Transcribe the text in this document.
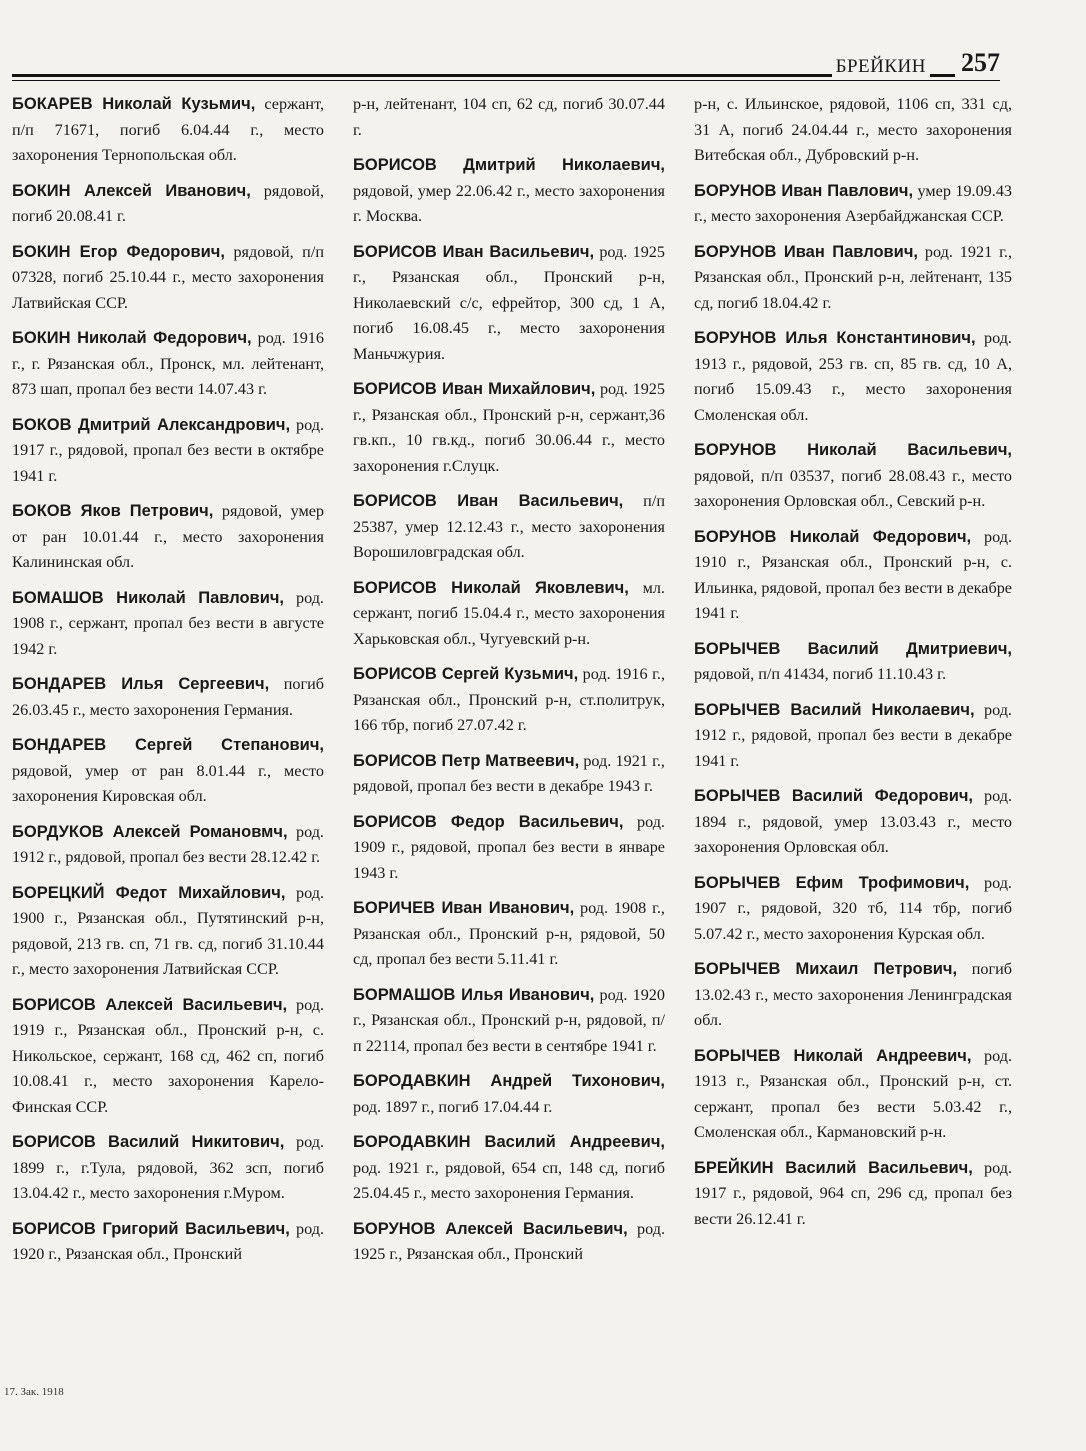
БРЕЙКИН 257

БОКАРЕВ Николай Кузьмич, сержант, п/п 71671, погиб 6.04.44 г., место захоронения Тернопольская обл.

БОКИН Алексей Иванович, рядовой, погиб 20.08.41 г.

БОКИН Егор Федорович, рядовой, п/п 07328, погиб 25.10.44 г., место захоронения Латвийская ССР.

БОКИН Николай Федорович, род. 1916 г., г. Рязанская обл., Пронск, мл. лейтенант, 873 шап, пропал без вести 14.07.43 г.

БОКОВ Дмитрий Александрович, род. 1917 г., рядовой, пропал без вести в октябре 1941 г.

БОКОВ Яков Петрович, рядовой, умер от ран 10.01.44 г., место захоронения Калининская обл.

БОМАШОВ Николай Павлович, род. 1908 г., сержант, пропал без вести в августе 1942 г.

БОНДАРЕВ Илья Сергеевич, погиб 26.03.45 г., место захоронения Германия.

БОНДАРЕВ Сергей Степанович, рядовой, умер от ран 8.01.44 г., место захоронения Кировская обл.

БОРДУКОВ Алексей Романовмч, род. 1912 г., рядовой, пропал без вести 28.12.42 г.

БОРЕЦКИЙ Федот Михайлович, род. 1900 г., Рязанская обл., Путятинский р-н, рядовой, 213 гв. сп, 71 гв. сд, погиб 31.10.44 г., место захоронения Латвийская ССР.

БОРИСОВ Алексей Васильевич, род. 1919 г., Рязанская обл., Пронский р-н, с. Никольское, сержант, 168 сд, 462 сп, погиб 10.08.41 г., место захоронения Карело-Финская ССР.

БОРИСОВ Василий Никитович, род. 1899 г., г.Тула, рядовой, 362 зсп, погиб 13.04.42 г., место захоронения г.Муром.

БОРИСОВ Григорий Васильевич, род. 1920 г., Рязанская обл., Пронский

р-н, лейтенант, 104 сп, 62 сд, погиб 30.07.44 г.

БОРИСОВ Дмитрий Николаевич, рядовой, умер 22.06.42 г., место захоронения г. Москва.

БОРИСОВ Иван Васильевич, род. 1925 г., Рязанская обл., Пронский р-н, Николаевский с/с, ефрейтор, 300 сд, 1 А, погиб 16.08.45 г., место захоронения Маньчжурия.

БОРИСОВ Иван Михайлович, род. 1925 г., Рязанская обл., Пронский р-н, сержант,36 гв.кп., 10 гв.кд., погиб 30.06.44 г., место захоронения г.Слуцк.

БОРИСОВ Иван Васильевич, п/п 25387, умер 12.12.43 г., место захоронения Ворошиловградская обл.

БОРИСОВ Николай Яковлевич, мл. сержант, погиб 15.04.4 г., место захоронения Харьковская обл., Чугуевский р-н.

БОРИСОВ Сергей Кузьмич, род. 1916 г., Рязанская обл., Пронский р-н, ст.политрук, 166 тбр, погиб 27.07.42 г.

БОРИСОВ Петр Матвеевич, род. 1921 г., рядовой, пропал без вести в декабре 1943 г.

БОРИСОВ Федор Васильевич, род. 1909 г., рядовой, пропал без вести в январе 1943 г.

БОРИЧЕВ Иван Иванович, род. 1908 г., Рязанская обл., Пронский р-н, рядовой, 50 сд, пропал без вести 5.11.41 г.

БОРМАШОВ Илья Иванович, род. 1920 г., Рязанская обл., Пронский р-н, рядовой, п/п 22114, пропал без вести в сентябре 1941 г.

БОРОДАВКИН Андрей Тихонович, род. 1897 г., погиб 17.04.44 г.

БОРОДАВКИН Василий Андреевич, род. 1921 г., рядовой, 654 сп, 148 сд, погиб 25.04.45 г., место захоронения Германия.

БОРУНОВ Алексей Васильевич, род. 1925 г., Рязанская обл., Пронский

р-н, с. Ильинское, рядовой, 1106 сп, 331 сд, 31 А, погиб 24.04.44 г., место захоронения Витебская обл., Дубровский р-н.

БОРУНОВ Иван Павлович, умер 19.09.43 г., место захоронения Азербайджанская ССР.

БОРУНОВ Иван Павлович, род. 1921 г., Рязанская обл., Пронский р-н, лейтенант, 135 сд, погиб 18.04.42 г.

БОРУНОВ Илья Константинович, род. 1913 г., рядовой, 253 гв. сп, 85 гв. сд, 10 А, погиб 15.09.43 г., место захоронения Смоленская обл.

БОРУНОВ Николай Васильевич, рядовой, п/п 03537, погиб 28.08.43 г., место захоронения Орловская обл., Севский р-н.

БОРУНОВ Николай Федорович, род. 1910 г., Рязанская обл., Пронский р-н, с. Ильинка, рядовой, пропал без вести в декабре 1941 г.

БОРЫЧЕВ Василий Дмитриевич, рядовой, п/п 41434, погиб 11.10.43 г.

БОРЫЧЕВ Василий Николаевич, род. 1912 г., рядовой, пропал без вести в декабре 1941 г.

БОРЫЧЕВ Василий Федорович, род. 1894 г., рядовой, умер 13.03.43 г., место захоронения Орловская обл.

БОРЫЧЕВ Ефим Трофимович, род. 1907 г., рядовой, 320 тб, 114 тбр, погиб 5.07.42 г., место захоронения Курская обл.

БОРЫЧЕВ Михаил Петрович, погиб 13.02.43 г., место захоронения Ленинградская обл.

БОРЫЧЕВ Николай Андреевич, род. 1913 г., Рязанская обл., Пронский р-н, ст. сержант, пропал без вести 5.03.42 г., Смоленская обл., Кармановский р-н.

БРЕЙКИН Василий Васильевич, род. 1917 г., рядовой, 964 сп, 296 сд, пропал без вести 26.12.41 г.

17. Зак. 1918
